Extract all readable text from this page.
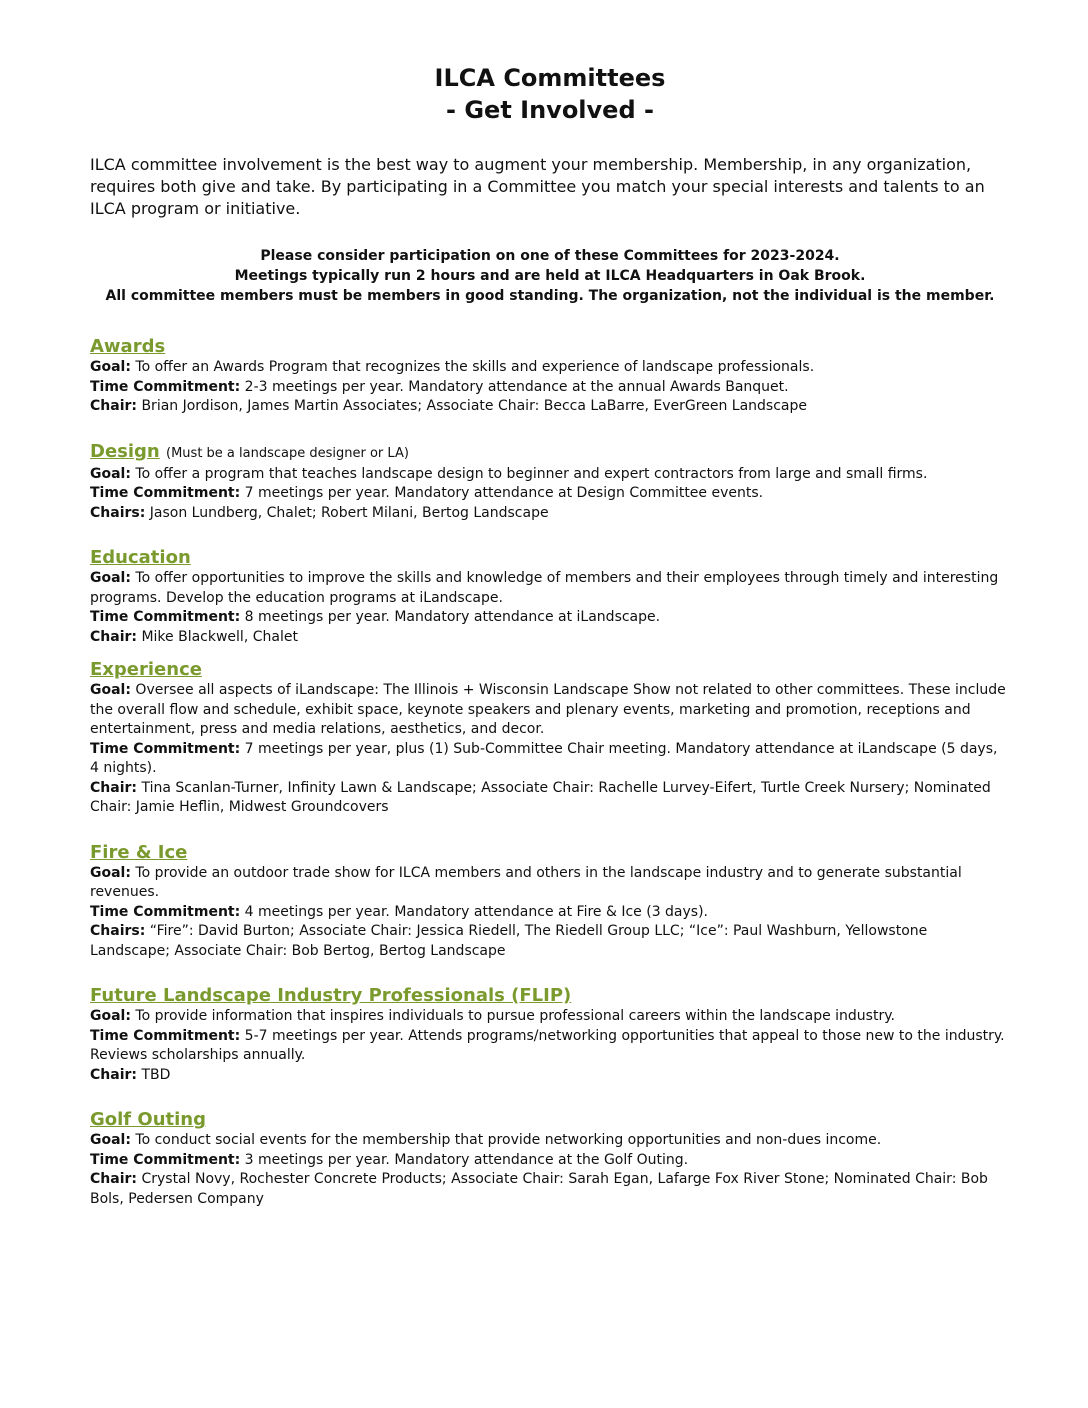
ILCA Committees
- Get Involved -
ILCA committee involvement is the best way to augment your membership. Membership, in any organization, requires both give and take. By participating in a Committee you match your special interests and talents to an ILCA program or initiative.
Please consider participation on one of these Committees for 2023-2024.
Meetings typically run 2 hours and are held at ILCA Headquarters in Oak Brook.
All committee members must be members in good standing. The organization, not the individual is the member.
Awards
Goal: To offer an Awards Program that recognizes the skills and experience of landscape professionals.
Time Commitment: 2-3 meetings per year. Mandatory attendance at the annual Awards Banquet.
Chair: Brian Jordison, James Martin Associates; Associate Chair: Becca LaBarre, EverGreen Landscape
Design (Must be a landscape designer or LA)
Goal: To offer a program that teaches landscape design to beginner and expert contractors from large and small firms.
Time Commitment: 7 meetings per year. Mandatory attendance at Design Committee events.
Chairs: Jason Lundberg, Chalet; Robert Milani, Bertog Landscape
Education
Goal: To offer opportunities to improve the skills and knowledge of members and their employees through timely and interesting programs. Develop the education programs at iLandscape.
Time Commitment: 8 meetings per year. Mandatory attendance at iLandscape.
Chair: Mike Blackwell, Chalet
Experience
Goal: Oversee all aspects of iLandscape: The Illinois + Wisconsin Landscape Show not related to other committees. These include the overall flow and schedule, exhibit space, keynote speakers and plenary events, marketing and promotion, receptions and entertainment, press and media relations, aesthetics, and decor.
Time Commitment: 7 meetings per year, plus (1) Sub-Committee Chair meeting. Mandatory attendance at iLandscape (5 days, 4 nights).
Chair: Tina Scanlan-Turner, Infinity Lawn & Landscape; Associate Chair: Rachelle Lurvey-Eifert, Turtle Creek Nursery; Nominated Chair: Jamie Heflin, Midwest Groundcovers
Fire & Ice
Goal: To provide an outdoor trade show for ILCA members and others in the landscape industry and to generate substantial revenues.
Time Commitment: 4 meetings per year. Mandatory attendance at Fire & Ice (3 days).
Chairs: “Fire”: David Burton; Associate Chair: Jessica Riedell, The Riedell Group LLC; “Ice”: Paul Washburn, Yellowstone Landscape; Associate Chair: Bob Bertog, Bertog Landscape
Future Landscape Industry Professionals (FLIP)
Goal: To provide information that inspires individuals to pursue professional careers within the landscape industry.
Time Commitment: 5-7 meetings per year. Attends programs/networking opportunities that appeal to those new to the industry. Reviews scholarships annually.
Chair: TBD
Golf Outing
Goal: To conduct social events for the membership that provide networking opportunities and non-dues income.
Time Commitment: 3 meetings per year. Mandatory attendance at the Golf Outing.
Chair: Crystal Novy, Rochester Concrete Products; Associate Chair: Sarah Egan, Lafarge Fox River Stone; Nominated Chair: Bob Bols, Pedersen Company
